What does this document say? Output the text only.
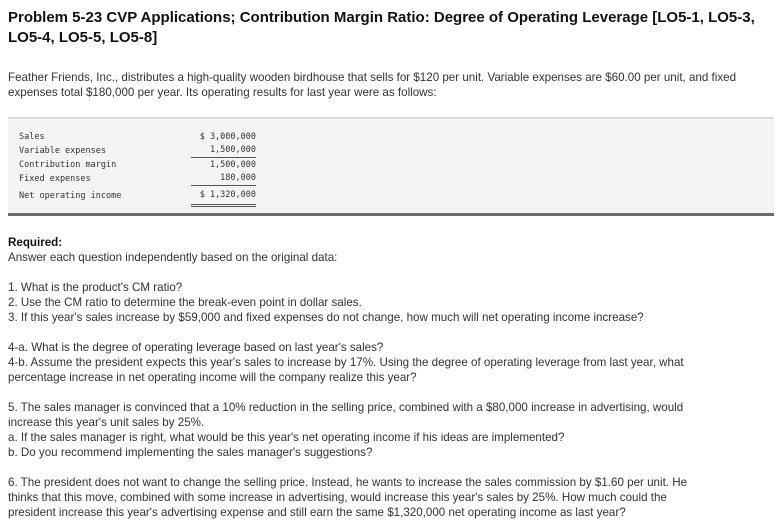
Problem 5-23 CVP Applications; Contribution Margin Ratio: Degree of Operating Leverage [LO5-1, LO5-3, LO5-4, LO5-5, LO5-8]
Feather Friends, Inc., distributes a high-quality wooden birdhouse that sells for $120 per unit. Variable expenses are $60.00 per unit, and fixed expenses total $180,000 per year. Its operating results for last year were as follows:
Sales	$ 3,000,000
Variable expenses	1,500,000
Contribution margin	1,500,000
Fixed expenses	180,000
Net operating income	$ 1,320,000
Required:
Answer each question independently based on the original data:
1. What is the product's CM ratio?
2. Use the CM ratio to determine the break-even point in dollar sales.
3. If this year's sales increase by $59,000 and fixed expenses do not change, how much will net operating income increase?
4-a. What is the degree of operating leverage based on last year's sales?
4-b. Assume the president expects this year's sales to increase by 17%. Using the degree of operating leverage from last year, what
percentage increase in net operating income will the company realize this year?
5. The sales manager is convinced that a 10% reduction in the selling price, combined with a $80,000 increase in advertising, would
increase this year's unit sales by 25%.
a. If the sales manager is right, what would be this year's net operating income if his ideas are implemented?
b. Do you recommend implementing the sales manager's suggestions?
6. The president does not want to change the selling price. Instead, he wants to increase the sales commission by $1.60 per unit. He
thinks that this move, combined with some increase in advertising, would increase this year's sales by 25%. How much could the
president increase this year's advertising expense and still earn the same $1,320,000 net operating income as last year?
